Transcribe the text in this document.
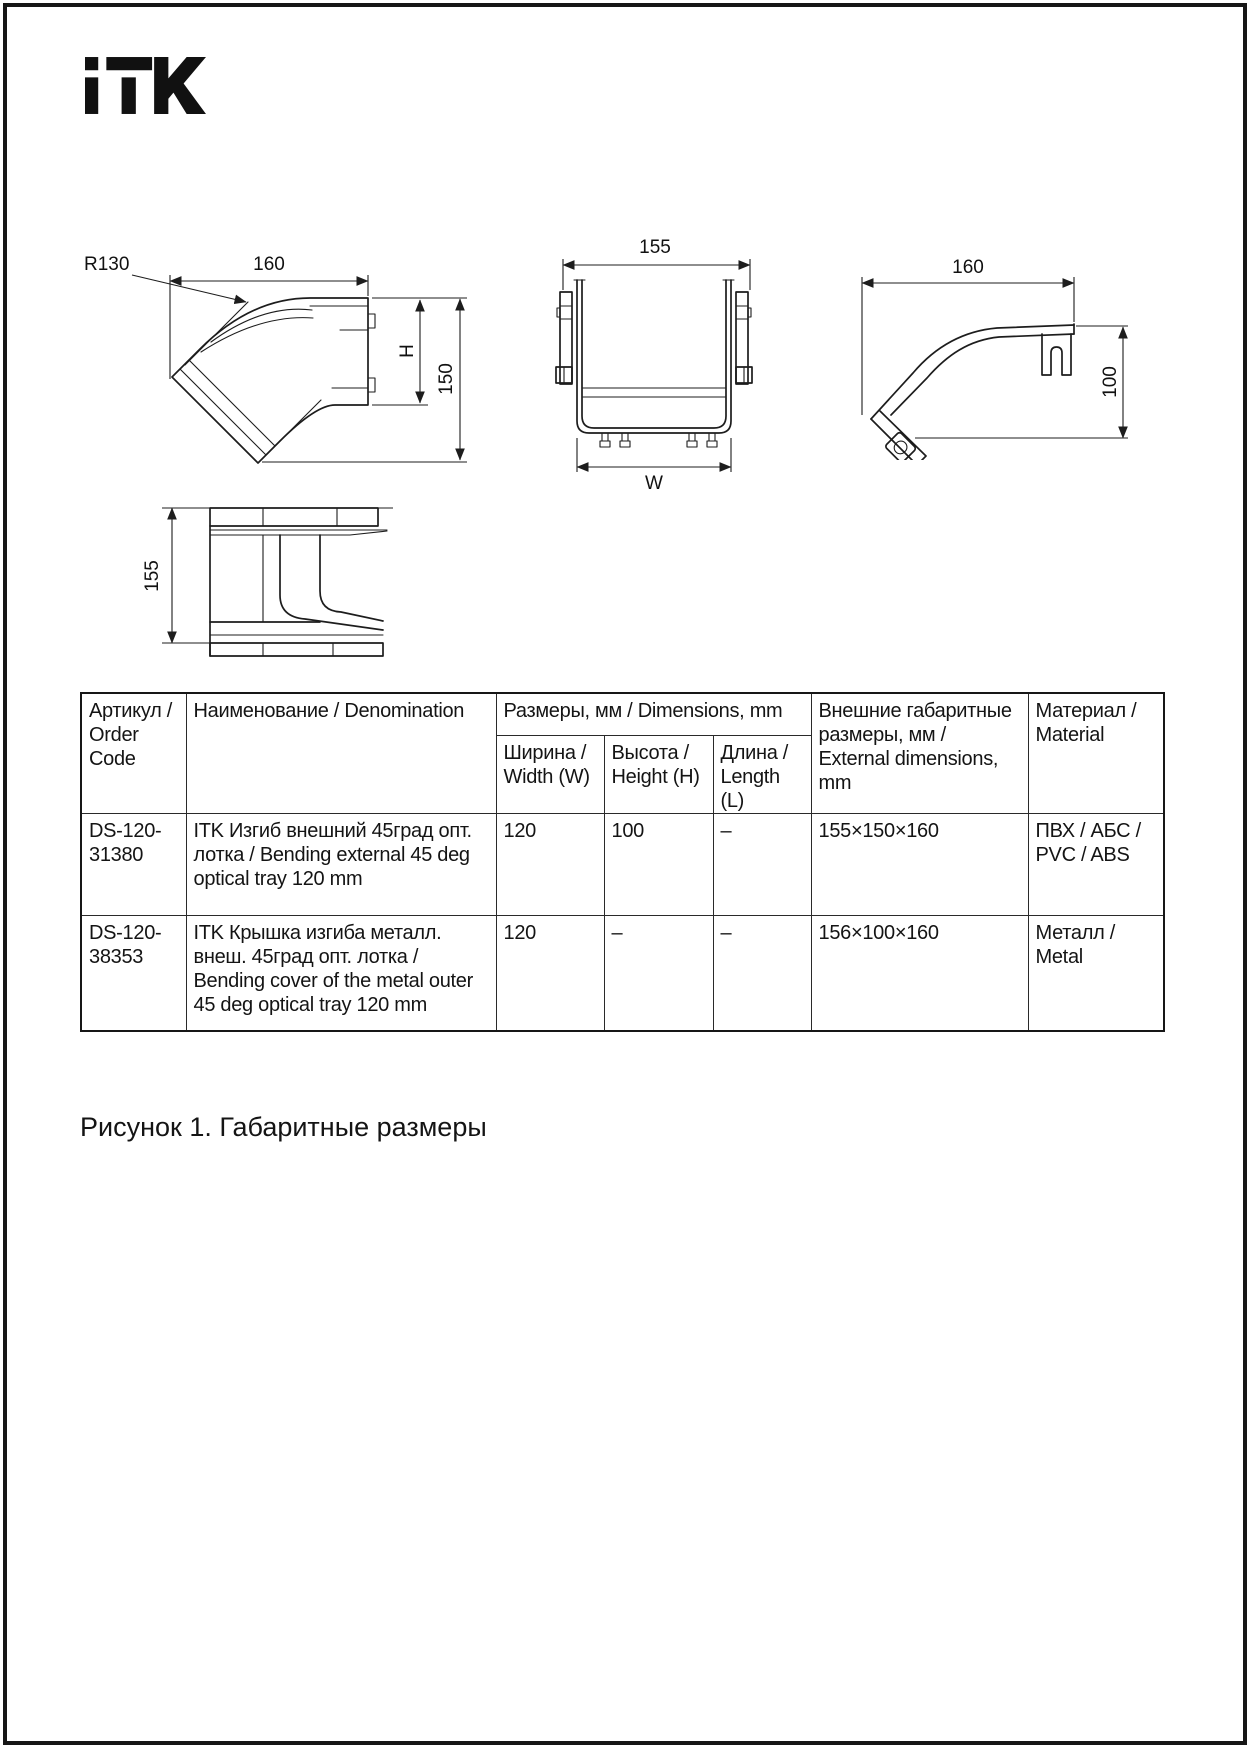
R130	160
H
150
155
155
W
160
100
Артикул / Order Code	Наименование / Denomination	Размеры, мм / Dimensions, mm			Внешние габаритные размеры, мм / External dimensions, mm	Материал / Material
		Ширина / Width (W)	Высота / Height (H)	Длина / Length (L)		
DS-120-31380	ITK Изгиб внешний 45град опт. лотка / Bending external 45 deg optical tray 120 mm	120	100	–	155×150×160	ПВХ / АБС / PVC / ABS
DS-120-38353	ITK Крышка изгиба металл. внеш. 45град опт. лотка / Bending cover of the metal outer 45 deg optical tray 120 mm	120	–	–	156×100×160	Металл / Metal
Рисунок 1. Габаритные размеры
